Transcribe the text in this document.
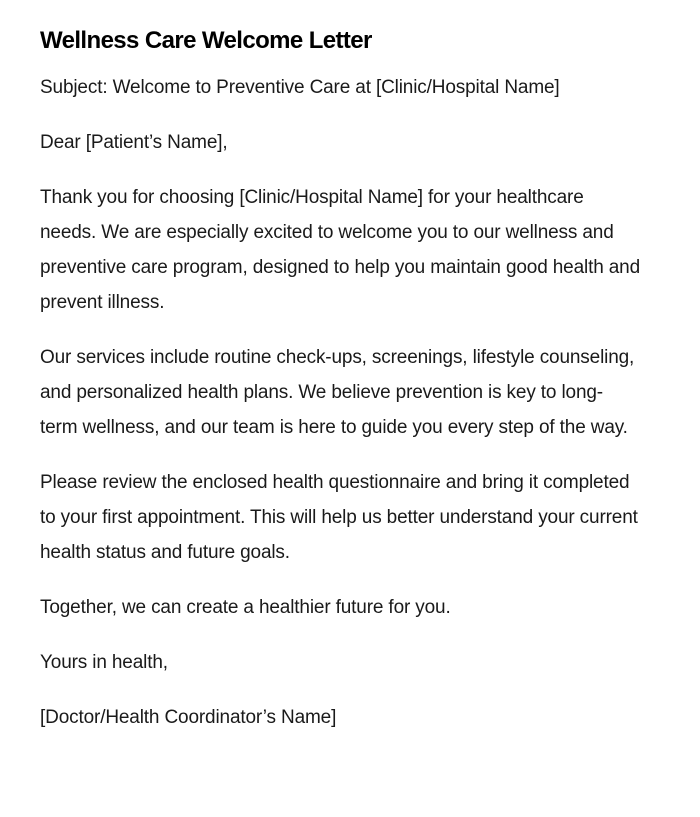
Wellness Care Welcome Letter

Subject: Welcome to Preventive Care at [Clinic/Hospital Name]

Dear [Patient’s Name],

Thank you for choosing [Clinic/Hospital Name] for your healthcare needs. We are especially excited to welcome you to our wellness and preventive care program, designed to help you maintain good health and prevent illness.

Our services include routine check-ups, screenings, lifestyle counseling, and personalized health plans. We believe prevention is key to long-term wellness, and our team is here to guide you every step of the way.

Please review the enclosed health questionnaire and bring it completed to your first appointment. This will help us better understand your current health status and future goals.

Together, we can create a healthier future for you.

Yours in health,

[Doctor/Health Coordinator’s Name]
